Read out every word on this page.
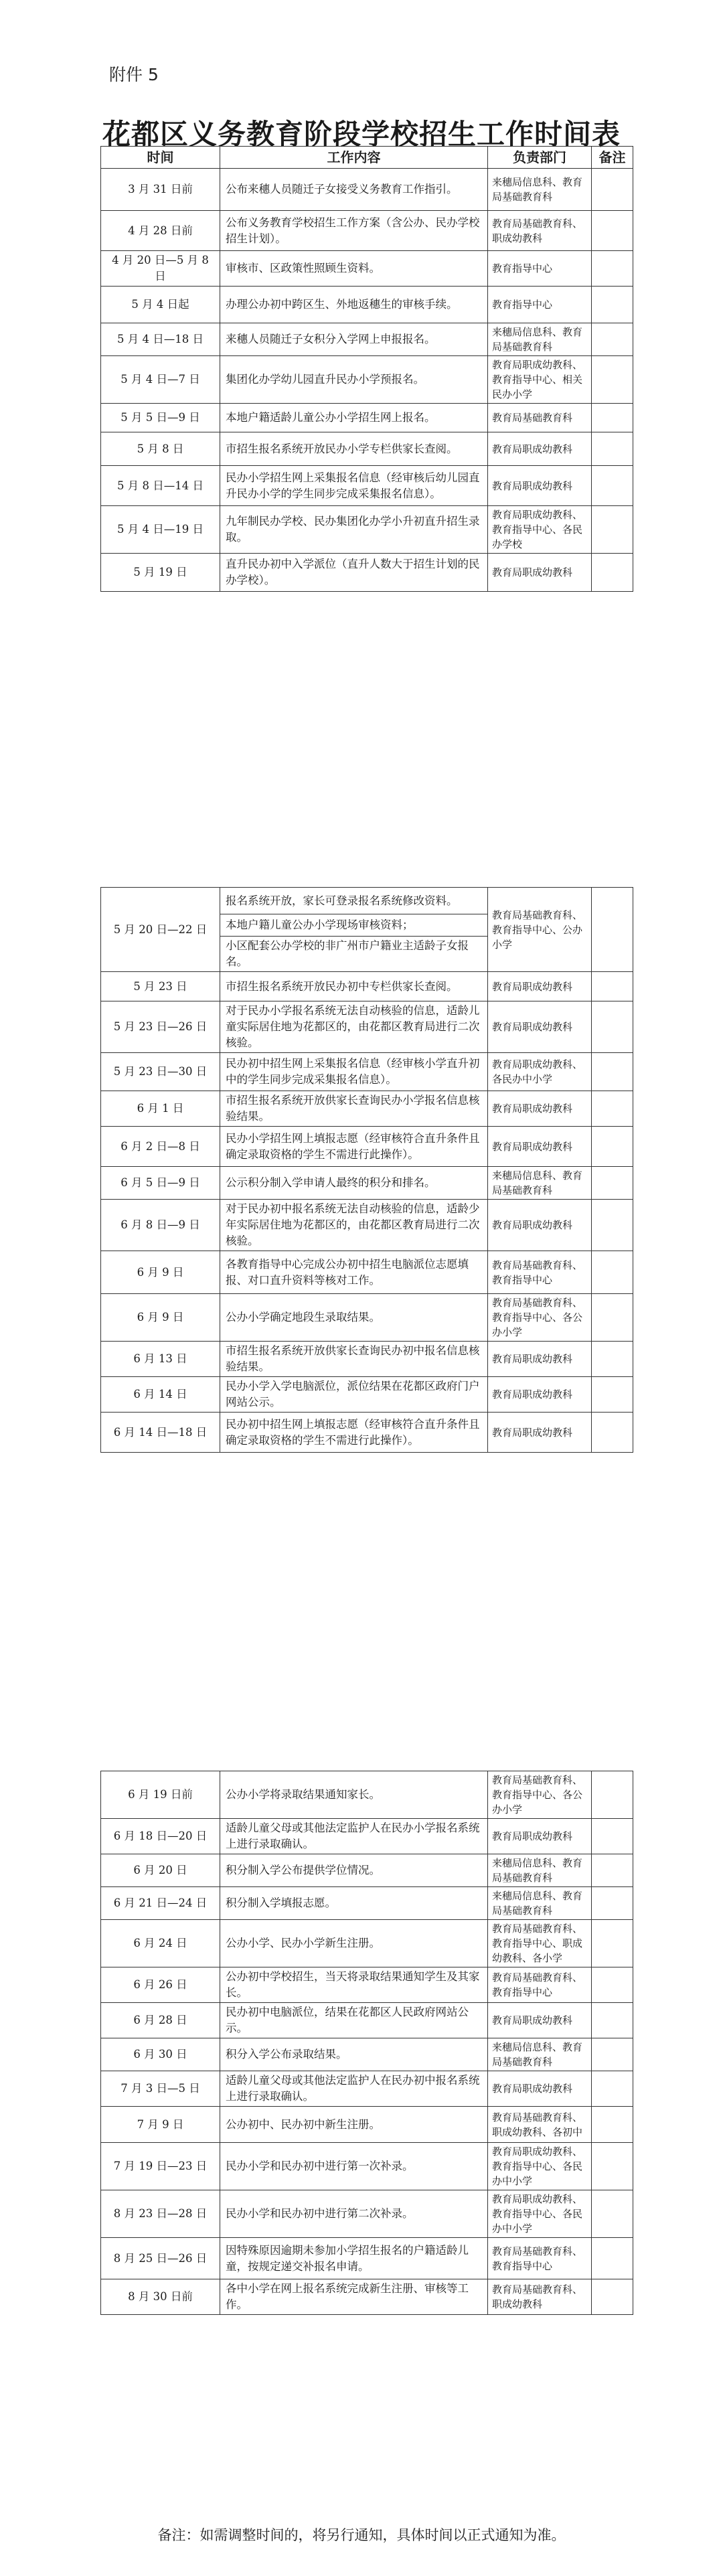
附件 5
花都区义务教育阶段学校招生工作时间表
时间	工作内容	负责部门	备注
3 月 31 日前	公布来穗人员随迁子女接受义务教育工作指引。	来穗局信息科、教育局基础教育科	
4 月 28 日前	公布义务教育学校招生工作方案（含公办、民办学校招生计划）。	教育局基础教育科、职成幼教科	
4 月 20 日—5 月 8 日	审核市、区政策性照顾生资料。	教育指导中心	
5 月 4 日起	办理公办初中跨区生、外地返穗生的审核手续。	教育指导中心	
5 月 4 日—18 日	来穗人员随迁子女积分入学网上申报报名。	来穗局信息科、教育局基础教育科	
5 月 4 日—7 日	集团化办学幼儿园直升民办小学预报名。	教育局职成幼教科、教育指导中心、相关民办小学	
5 月 5 日—9 日	本地户籍适龄儿童公办小学招生网上报名。	教育局基础教育科	
5 月 8 日	市招生报名系统开放民办小学专栏供家长查阅。	教育局职成幼教科	
5 月 8 日—14 日	民办小学招生网上采集报名信息（经审核后幼儿园直升民办小学的学生同步完成采集报名信息）。	教育局职成幼教科	
5 月 4 日—19 日	九年制民办学校、民办集团化办学小升初直升招生录取。	教育局职成幼教科、教育指导中心、各民办学校	
5 月 19 日	直升民办初中入学派位（直升人数大于招生计划的民办学校）。	教育局职成幼教科	
5 月 20 日—22 日	报名系统开放，家长可登录报名系统修改资料。	教育局基础教育科、教育指导中心、公办小学	
	本地户籍儿童公办小学现场审核资料；		
	小区配套公办学校的非广州市户籍业主适龄子女报名。		
5 月 23 日	市招生报名系统开放民办初中专栏供家长查阅。	教育局职成幼教科	
5 月 23 日—26 日	对于民办小学报名系统无法自动核验的信息，适龄儿童实际居住地为花都区的，由花都区教育局进行二次核验。	教育局职成幼教科	
5 月 23 日—30 日	民办初中招生网上采集报名信息（经审核小学直升初中的学生同步完成采集报名信息）。	教育局职成幼教科、各民办中小学	
6 月 1 日	市招生报名系统开放供家长查询民办小学报名信息核验结果。	教育局职成幼教科	
6 月 2 日—8 日	民办小学招生网上填报志愿（经审核符合直升条件且确定录取资格的学生不需进行此操作）。	教育局职成幼教科	
6 月 5 日—9 日	公示积分制入学申请人最终的积分和排名。	来穗局信息科、教育局基础教育科	
6 月 8 日—9 日	对于民办初中报名系统无法自动核验的信息，适龄少年实际居住地为花都区的，由花都区教育局进行二次核验。	教育局职成幼教科	
6 月 9 日	各教育指导中心完成公办初中招生电脑派位志愿填报、对口直升资料等核对工作。	教育局基础教育科、教育指导中心	
6 月 9 日	公办小学确定地段生录取结果。	教育局基础教育科、教育指导中心、各公办小学	
6 月 13 日	市招生报名系统开放供家长查询民办初中报名信息核验结果。	教育局职成幼教科	
6 月 14 日	民办小学入学电脑派位，派位结果在花都区政府门户网站公示。	教育局职成幼教科	
6 月 14 日—18 日	民办初中招生网上填报志愿（经审核符合直升条件且确定录取资格的学生不需进行此操作）。	教育局职成幼教科	
6 月 19 日前	公办小学将录取结果通知家长。	教育局基础教育科、教育指导中心、各公办小学	
6 月 18 日—20 日	适龄儿童父母或其他法定监护人在民办小学报名系统上进行录取确认。	教育局职成幼教科	
6 月 20 日	积分制入学公布提供学位情况。	来穗局信息科、教育局基础教育科	
6 月 21 日—24 日	积分制入学填报志愿。	来穗局信息科、教育局基础教育科	
6 月 24 日	公办小学、民办小学新生注册。	教育局基础教育科、教育指导中心、职成幼教科、各小学	
6 月 26 日	公办初中学校招生，当天将录取结果通知学生及其家长。	教育局基础教育科、教育指导中心	
6 月 28 日	民办初中电脑派位，结果在花都区人民政府网站公示。	教育局职成幼教科	
6 月 30 日	积分入学公布录取结果。	来穗局信息科、教育局基础教育科	
7 月 3 日—5 日	适龄儿童父母或其他法定监护人在民办初中报名系统上进行录取确认。	教育局职成幼教科	
7 月 9 日	公办初中、民办初中新生注册。	教育局基础教育科、职成幼教科、各初中	
7 月 19 日—23 日	民办小学和民办初中进行第一次补录。	教育局职成幼教科、教育指导中心、各民办中小学	
8 月 23 日—28 日	民办小学和民办初中进行第二次补录。	教育局职成幼教科、教育指导中心、各民办中小学	
8 月 25 日—26 日	因特殊原因逾期未参加小学招生报名的户籍适龄儿童，按规定递交补报名申请。	教育局基础教育科、教育指导中心	
8 月 30 日前	各中小学在网上报名系统完成新生注册、审核等工作。	教育局基础教育科、职成幼教科	
备注：如需调整时间的，将另行通知，具体时间以正式通知为准。
